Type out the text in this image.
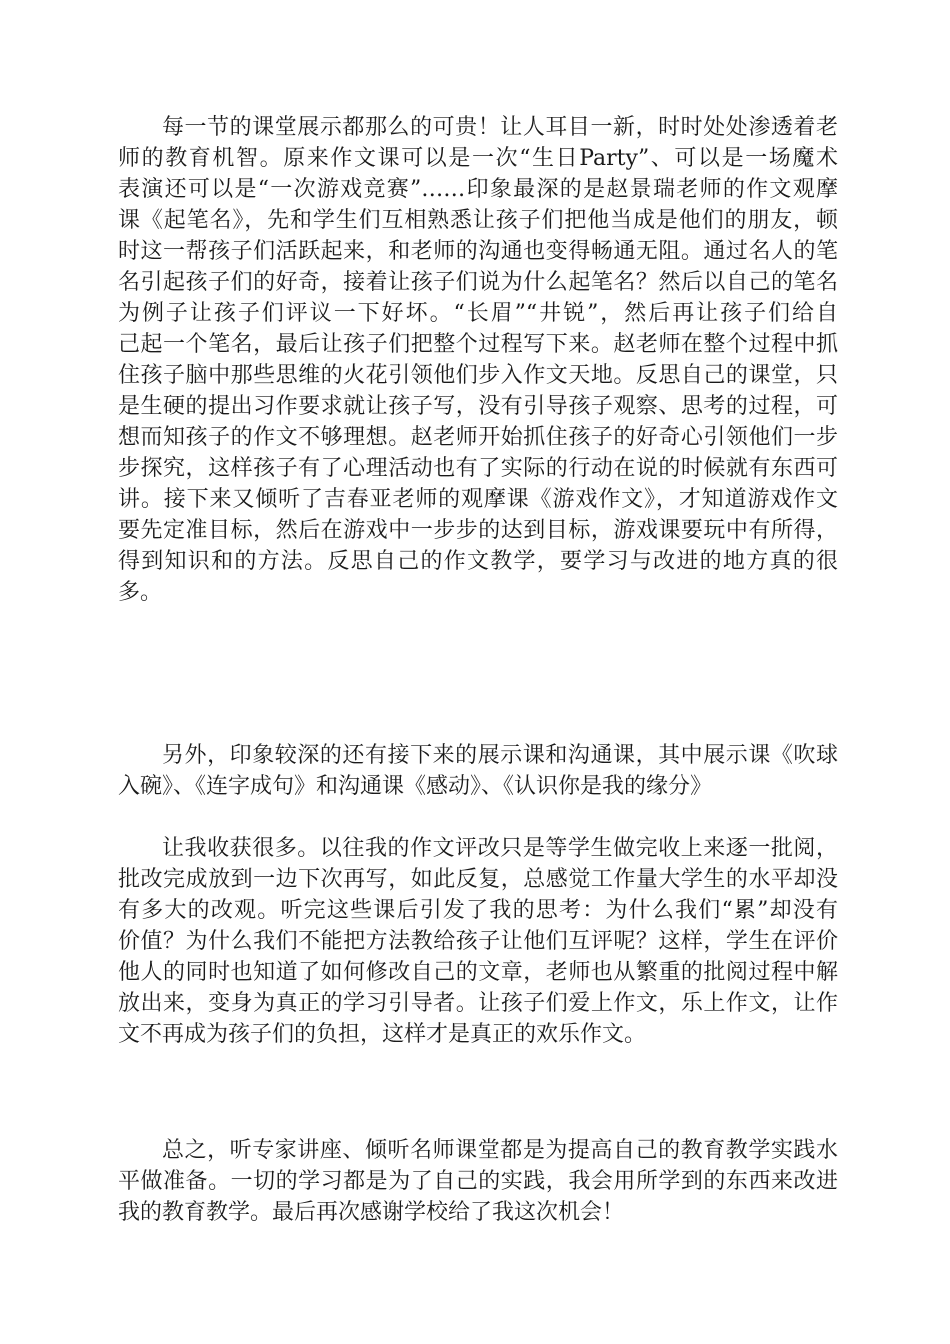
每一节的课堂展示都那么的可贵！让人耳目一新，时时处处渗透着老
师的教育机智。原来作文课可以是一次“生日Party”、可以是一场魔术
表演还可以是“一次游戏竞赛”……印象最深的是赵景瑞老师的作文观摩
课《起笔名》，先和学生们互相熟悉让孩子们把他当成是他们的朋友，顿
时这一帮孩子们活跃起来，和老师的沟通也变得畅通无阻。通过名人的笔
名引起孩子们的好奇，接着让孩子们说为什么起笔名？然后以自己的笔名
为例子让孩子们评议一下好坏。“长眉”“井锐”，然后再让孩子们给自
己起一个笔名，最后让孩子们把整个过程写下来。赵老师在整个过程中抓
住孩子脑中那些思维的火花引领他们步入作文天地。反思自己的课堂，只
是生硬的提出习作要求就让孩子写，没有引导孩子观察、思考的过程，可
想而知孩子的作文不够理想。赵老师开始抓住孩子的好奇心引领他们一步
步探究，这样孩子有了心理活动也有了实际的行动在说的时候就有东西可
讲。接下来又倾听了吉春亚老师的观摩课《游戏作文》，才知道游戏作文
要先定准目标，然后在游戏中一步步的达到目标，游戏课要玩中有所得，
得到知识和的方法。反思自己的作文教学，要学习与改进的地方真的很
多。
另外，印象较深的还有接下来的展示课和沟通课，其中展示课《吹球
入碗》、《连字成句》和沟通课《感动》、《认识你是我的缘分》
让我收获很多。以往我的作文评改只是等学生做完收上来逐一批阅，
批改完成放到一边下次再写，如此反复，总感觉工作量大学生的水平却没
有多大的改观。听完这些课后引发了我的思考：为什么我们“累”却没有
价值？为什么我们不能把方法教给孩子让他们互评呢？这样，学生在评价
他人的同时也知道了如何修改自己的文章，老师也从繁重的批阅过程中解
放出来，变身为真正的学习引导者。让孩子们爱上作文，乐上作文，让作
文不再成为孩子们的负担，这样才是真正的欢乐作文。
总之，听专家讲座、倾听名师课堂都是为提高自己的教育教学实践水
平做准备。一切的学习都是为了自己的实践，我会用所学到的东西来改进
我的教育教学。最后再次感谢学校给了我这次机会！
